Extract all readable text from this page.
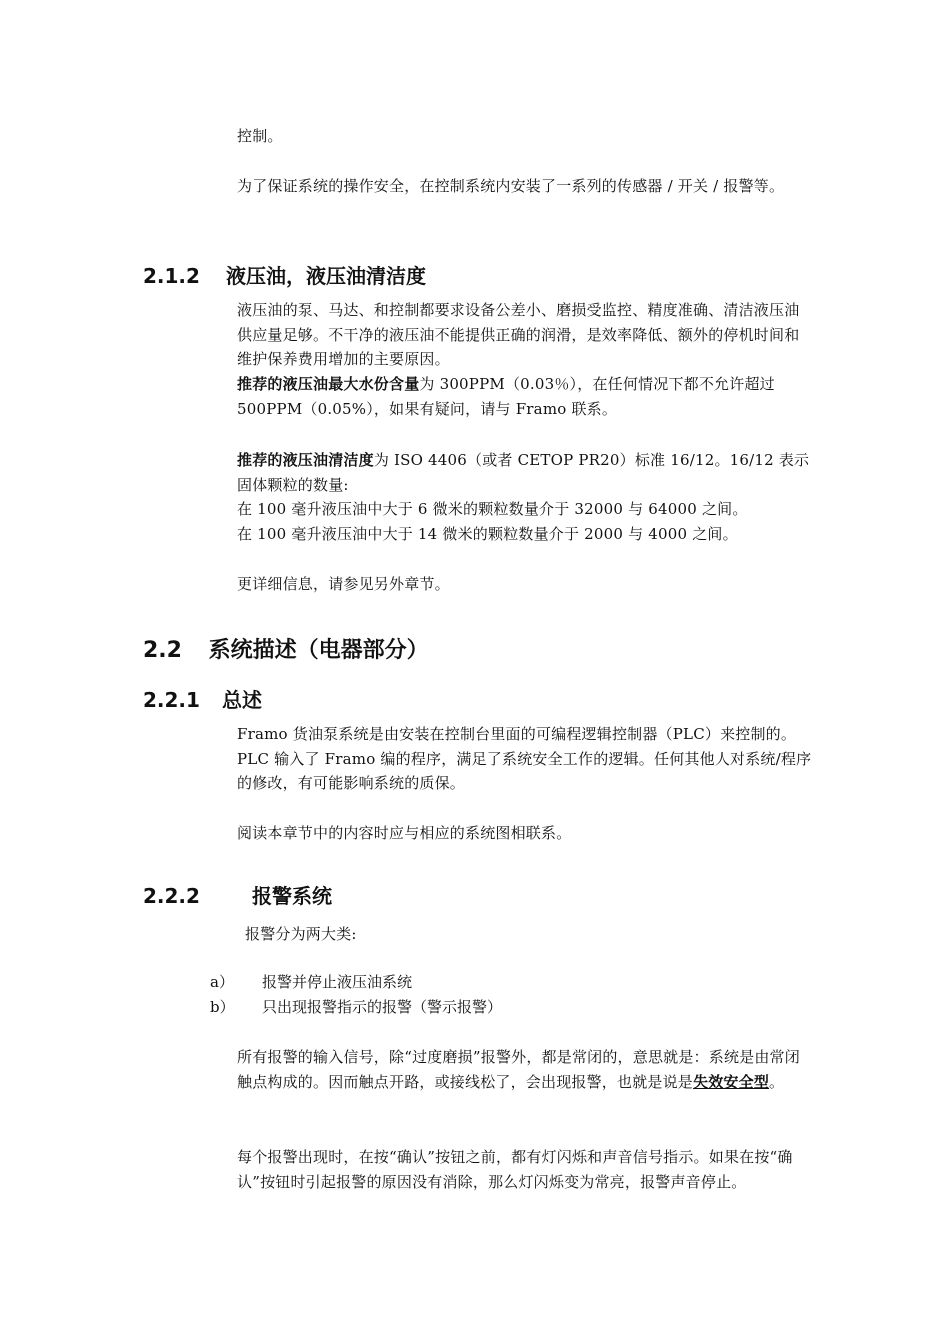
控制。

为了保证系统的操作安全，在控制系统内安装了一系列的传感器 / 开关 / 报警等。

2.1.2 液压油，液压油清洁度

液压油的泵、马达、和控制都要求设备公差小、磨损受监控、精度准确、清洁液压油供应量足够。不干净的液压油不能提供正确的润滑，是效率降低、额外的停机时间和维护保养费用增加的主要原因。

推荐的液压油最大水份含量为 300PPM（0.03％），在任何情况下都不允许超过 500PPM（0.05%），如果有疑问，请与 Framo 联系。

推荐的液压油清洁度为 ISO 4406（或者 CETOP PR20）标准 16/12。16/12 表示固体颗粒的数量:

在 100 毫升液压油中大于 6 微米的颗粒数量介于 32000 与 64000 之间。

在 100 毫升液压油中大于 14 微米的颗粒数量介于 2000 与 4000 之间。

更详细信息，请参见另外章节。

2.2 系统描述（电器部分）
2.2.1 总述

Framo 货油泵系统是由安装在控制台里面的可编程逻辑控制器（PLC）来控制的。PLC 输入了 Framo 编的程序，满足了系统安全工作的逻辑。任何其他人对系统/程序的修改，有可能影响系统的质保。

阅读本章节中的内容时应与相应的系统图相联系。

2.2.2	报警系统

报警分为两大类:

a） 报警并停止液压油系统
b） 只出现报警指示的报警（警示报警）

所有报警的输入信号，除“过度磨损”报警外，都是常闭的，意思就是：系统是由常闭触点构成的。因而触点开路，或接线松了，会出现报警，也就是说是失效安全型。

每个报警出现时，在按“确认”按钮之前，都有灯闪烁和声音信号指示。如果在按“确认”按钮时引起报警的原因没有消除，那么灯闪烁变为常亮，报警声音停止。
